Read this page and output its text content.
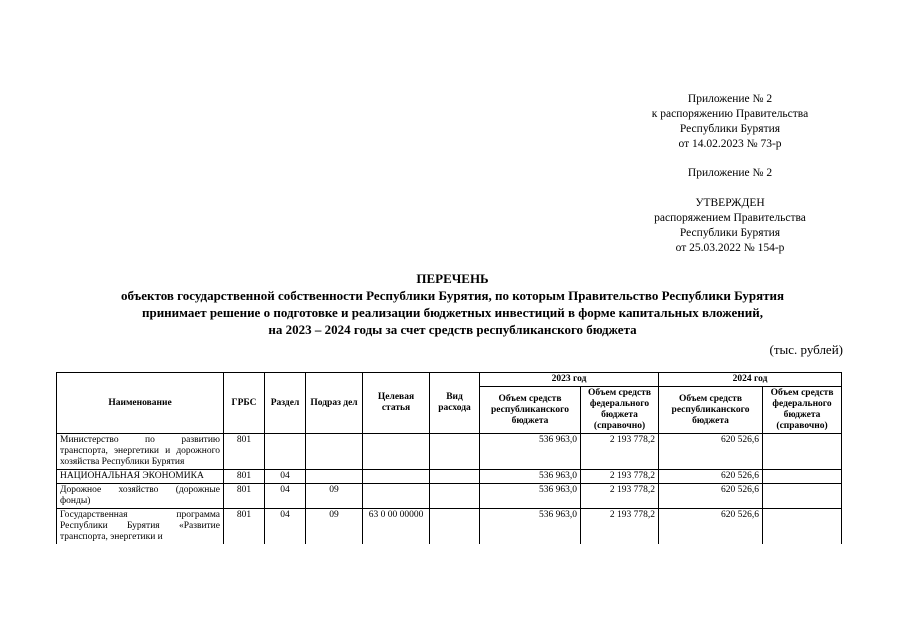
Приложение № 2
к распоряжению Правительства
Республики Бурятия
от 14.02.2023 № 73-р
Приложение № 2
УТВЕРЖДЕН
распоряжением Правительства
Республики Бурятия
от 25.03.2022 № 154-р
ПЕРЕЧЕНЬ
объектов государственной собственности Республики Бурятия, по которым Правительство Республики Бурятия
принимает решение о подготовке и реализации бюджетных инвестиций в форме капитальных вложений,
на 2023 – 2024 годы за счет средств республиканского бюджета
(тыс. рублей)
Наименование	ГРБС	Раздел	Подраз дел	Целевая статья	Вид расхода	2023 год		2024 год	
						Объем средств республиканского бюджета	Объем средств федерального бюджета (справочно)	Объем средств республиканского бюджета	Объем средств федерального бюджета (справочно)
Министерство по развитию транспорта, энергетики и дорожного хозяйства Республики Бурятия	801					536 963,0	2 193 778,2	620 526,6	
НАЦИОНАЛЬНАЯ ЭКОНОМИКА	801	04				536 963,0	2 193 778,2	620 526,6	
Дорожное хозяйство (дорожные фонды)	801	04	09			536 963,0	2 193 778,2	620 526,6	
Государственная программа Республики Бурятия «Развитие транспорта, энергетики и	801	04	09	63 0 00 00000		536 963,0	2 193 778,2	620 526,6	
